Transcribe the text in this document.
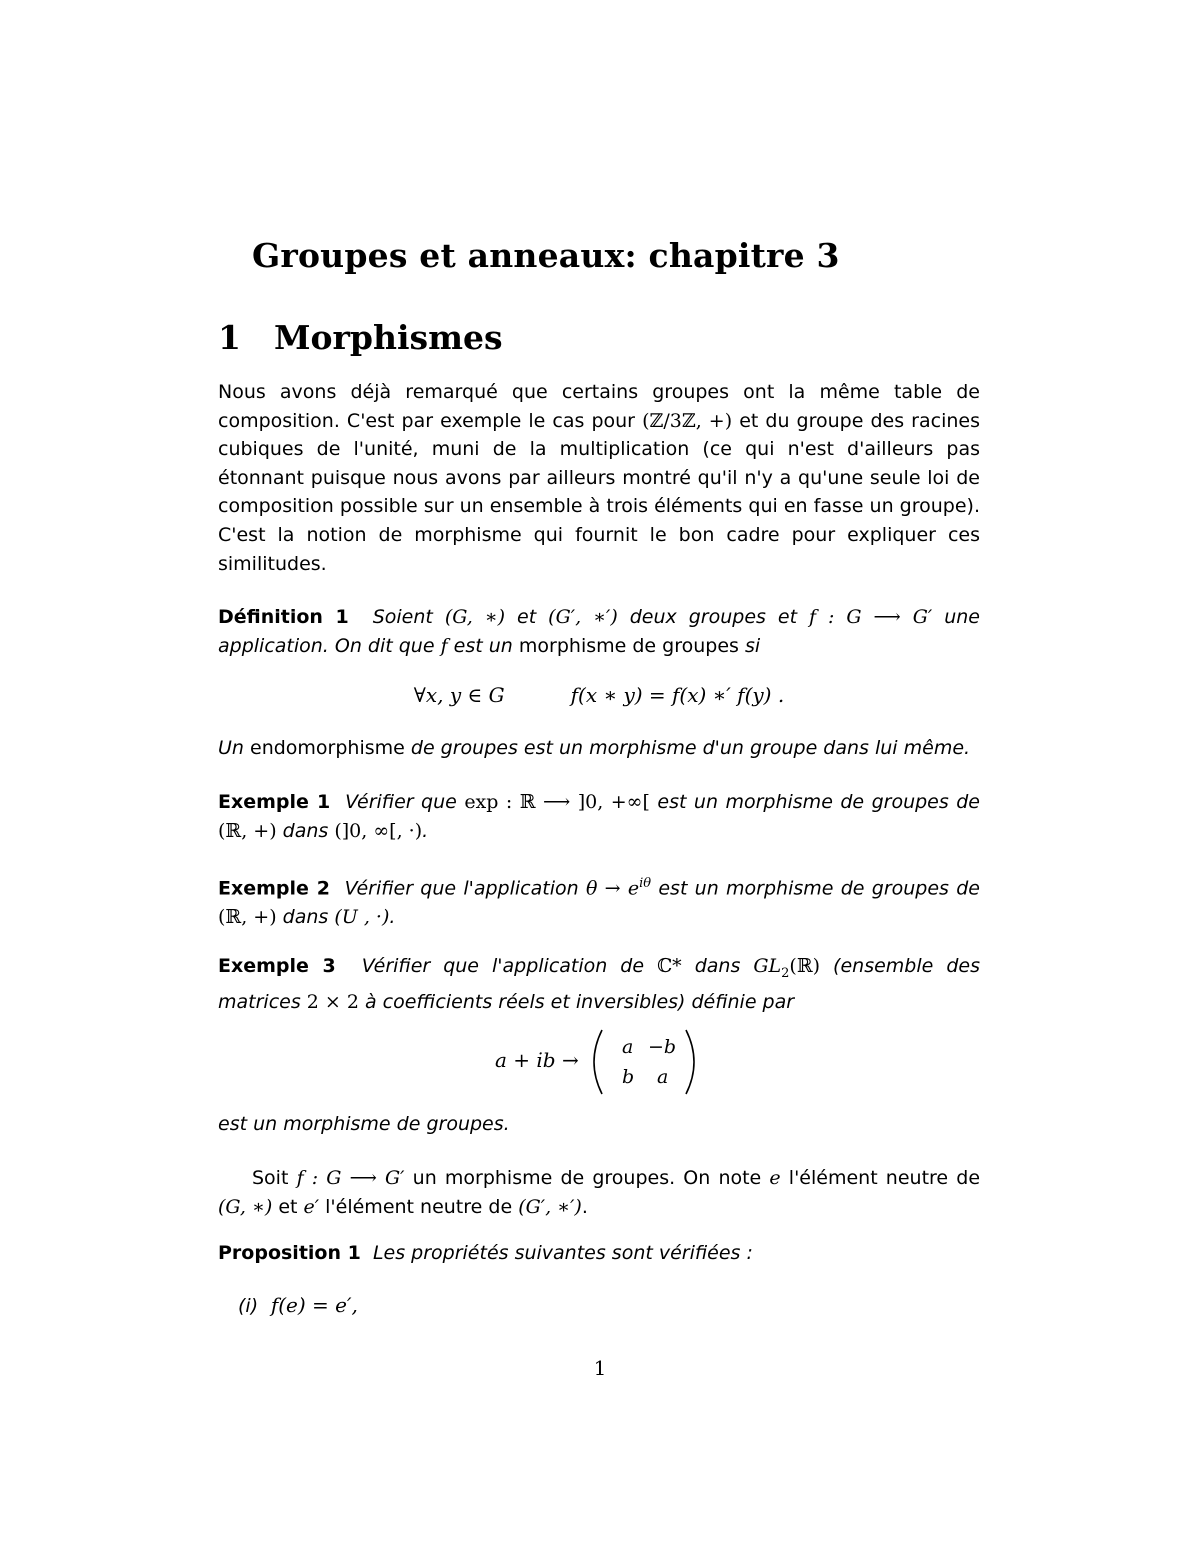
Groupes et anneaux: chapitre 3
1 Morphismes
Nous avons déjà remarqué que certains groupes ont la même table de composition. C'est par exemple le cas pour (ℤ/3ℤ, +) et du groupe des racines cubiques de l'unité, muni de la multiplication (ce qui n'est d'ailleurs pas étonnant puisque nous avons par ailleurs montré qu'il n'y a qu'une seule loi de composition possible sur un ensemble à trois éléments qui en fasse un groupe). C'est la notion de morphisme qui fournit le bon cadre pour expliquer ces similitudes.
Définition 1 Soient (G, ∗) et (G′, ∗′) deux groupes et f : G ⟶ G′ une application. On dit que f est un morphisme de groupes si
∀x, y ∈ G	f(x ∗ y) = f(x) ∗′ f(y) .
Un endomorphisme de groupes est un morphisme d'un groupe dans lui même.
Exemple 1 Vérifier que exp : ℝ ⟶ ]0, +∞[ est un morphisme de groupes de (ℝ, +) dans (]0, ∞[, ·).
Exemple 2 Vérifier que l'application $\theta \to e^{i\theta}$ est un morphisme de groupes de (ℝ, +) dans (U , ·).
Exemple 3 Vérifier que l'application de ℂ* dans $GL_2(ℝ)$ (ensemble des matrices 2 × 2 à coefficients réels et inversibles) définie par
a + ib →
a −b
b a
est un morphisme de groupes.
Soit f : G ⟶ G′ un morphisme de groupes. On note e l'élément neutre de (G, ∗) et e′ l'élément neutre de (G′, ∗′).
Proposition 1 Les propriétés suivantes sont vérifiées :
(i) f(e) = e′,
1
